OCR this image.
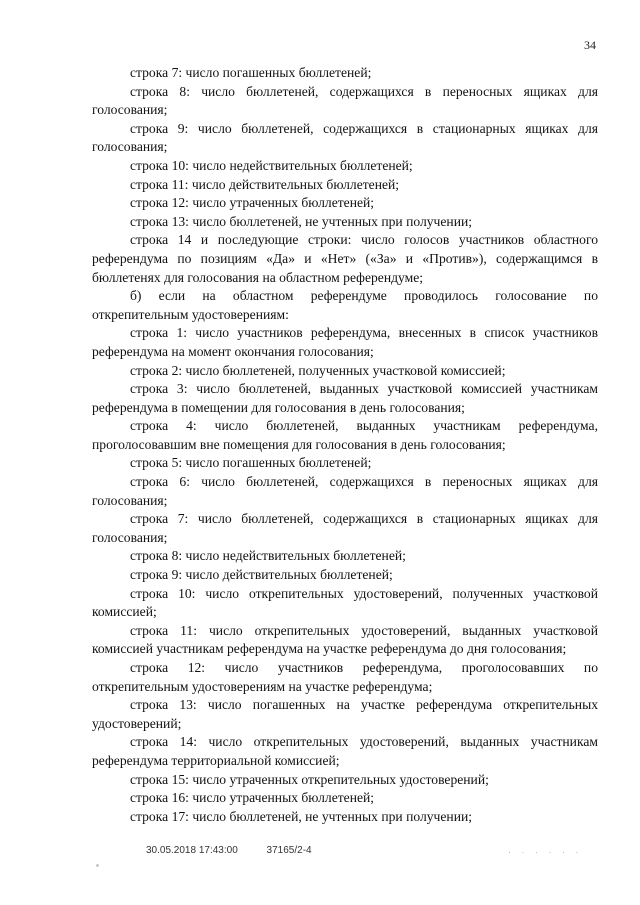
34

строка 7: число погашенных бюллетеней;

строка 8: число бюллетеней, содержащихся в переносных ящиках для голосования;

строка 9: число бюллетеней, содержащихся в стационарных ящиках для голосования;

строка 10: число недействительных бюллетеней;

строка 11: число действительных бюллетеней;

строка 12: число утраченных бюллетеней;

строка 13: число бюллетеней, не учтенных при получении;

строка 14 и последующие строки: число голосов участников областного референдума по позициям «Да» и «Нет» («За» и «Против»), содержащимся в бюллетенях для голосования на областном референдуме;

б) если на областном референдуме проводилось голосование по открепительным удостоверениям:

строка 1: число участников референдума, внесенных в список участников референдума на момент окончания голосования;

строка 2: число бюллетеней, полученных участковой комиссией;

строка 3: число бюллетеней, выданных участковой комиссией участникам референдума в помещении для голосования в день голосования;

строка 4: число бюллетеней, выданных участникам референдума, проголосовавшим вне помещения для голосования в день голосования;

строка 5: число погашенных бюллетеней;

строка 6: число бюллетеней, содержащихся в переносных ящиках для голосования;

строка 7: число бюллетеней, содержащихся в стационарных ящиках для голосования;

строка 8: число недействительных бюллетеней;

строка 9: число действительных бюллетеней;

строка 10: число открепительных удостоверений, полученных участковой комиссией;

строка 11: число открепительных удостоверений, выданных участковой комиссией участникам референдума на участке референдума до дня голосования;

строка 12: число участников референдума, проголосовавших по открепительным удостоверениям на участке референдума;

строка 13: число погашенных на участке референдума открепительных удостоверений;

строка 14: число открепительных удостоверений, выданных участникам референдума территориальной комиссией;

строка 15: число утраченных открепительных удостоверений;

строка 16: число утраченных бюллетеней;

строка 17: число бюллетеней, не учтенных при получении;

30.05.2018 17:43:00	37165/2-4	· · · · · ·
